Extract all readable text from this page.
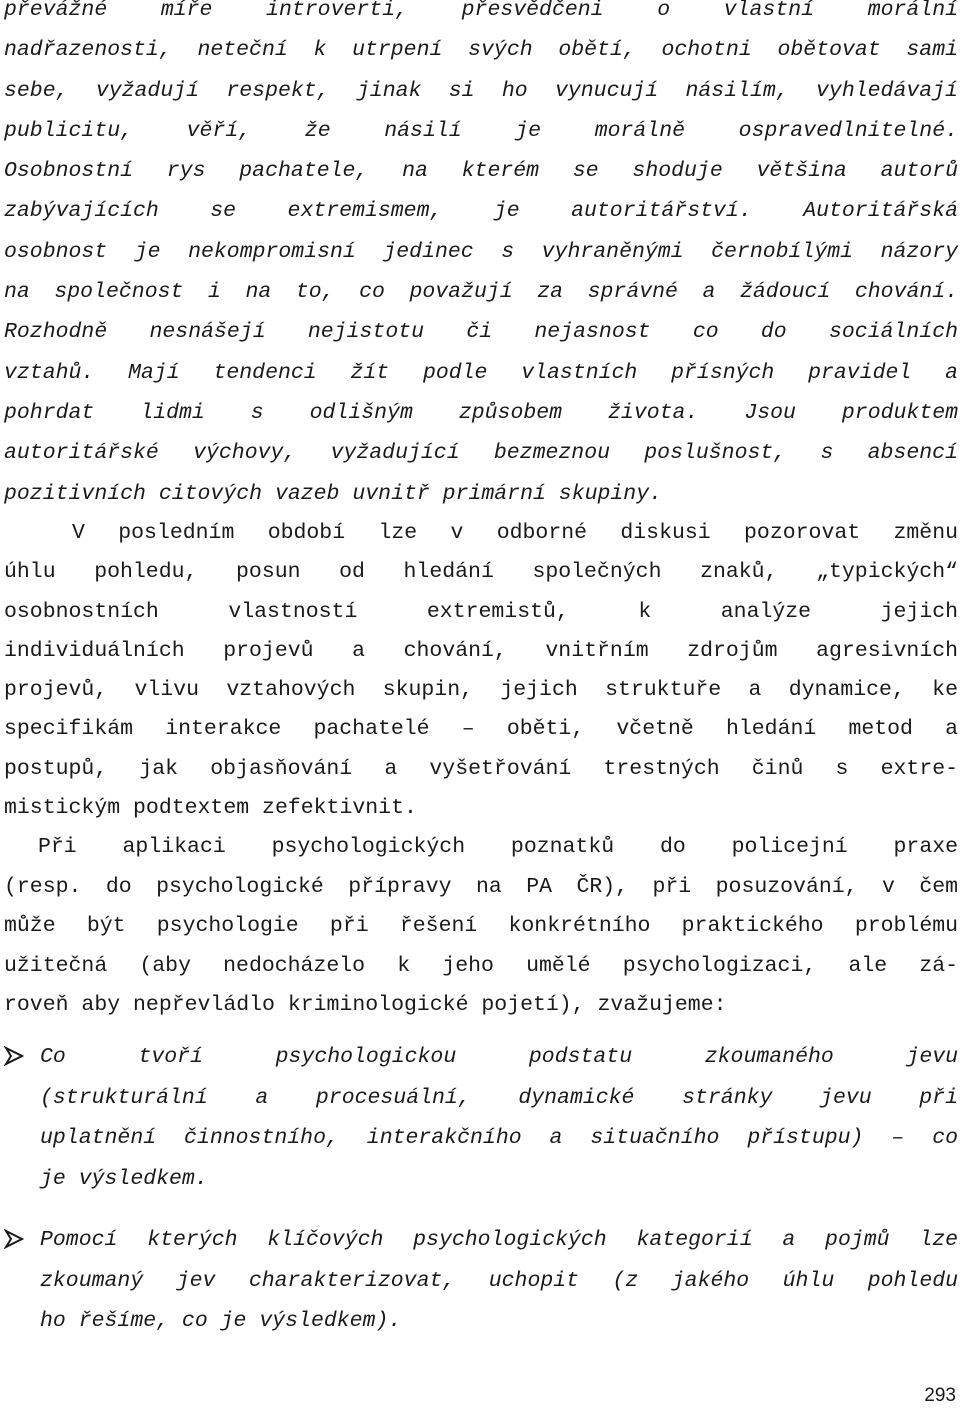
převážné míře introverti, přesvědčeni o vlastní morální
nadřazenosti, neteční k utrpení svých obětí, ochotni obětovat sami
sebe, vyžadují respekt, jinak si ho vynucují násilím, vyhledávají
publicitu, věří, že násilí je morálně ospravedlnitelné.
Osobnostní rys pachatele, na kterém se shoduje většina autorů
zabývajících se extremismem, je autoritářství. Autoritářská
osobnost je nekompromisní jedinec s vyhraněnými černobílými názory
na společnost i na to, co považují za správné a žádoucí chování.
Rozhodně nesnášejí nejistotu či nejasnost co do sociálních
vztahů. Mají tendenci žít podle vlastních přísných pravidel a
pohrdat lidmi s odlišným způsobem života. Jsou produktem
autoritářské výchovy, vyžadující bezmeznou poslušnost, s absencí
pozitivních citových vazeb uvnitř primární skupiny.
V posledním období lze v odborné diskusi pozorovat změnu
úhlu pohledu, posun od hledání společných znaků, „typických“
osobnostních	vlastností	extremistů,	k	analýze	jejich
individuálních projevů a chování, vnitřním zdrojům agresivních
projevů, vlivu vztahových skupin, jejich struktuře a dynamice, ke
specifikám interakce pachatelé – oběti, včetně hledání metod a
postupů, jak objasňování a vyšetřování trestných činů s extre-
mistickým podtextem zefektivnit.
Při aplikaci psychologických poznatků do policejní praxe
(resp. do psychologické přípravy na PA ČR), při posuzování, v čem
může být psychologie při řešení konkrétního praktického problému
užitečná (aby nedocházelo k jeho umělé psychologizaci, ale zá-
roveň aby nepřevládlo kriminologické pojetí), zvažujeme:
Co	tvoří	psychologickou	podstatu	zkoumaného	jevu
(strukturální a procesuální, dynamické stránky jevu při
uplatnění činnostního, interakčního a situačního přístupu) – co
je výsledkem.
Pomocí kterých klíčových psychologických kategorií a pojmů lze
zkoumaný jev charakterizovat, uchopit (z jakého úhlu pohledu
ho řešíme, co je výsledkem).
293
